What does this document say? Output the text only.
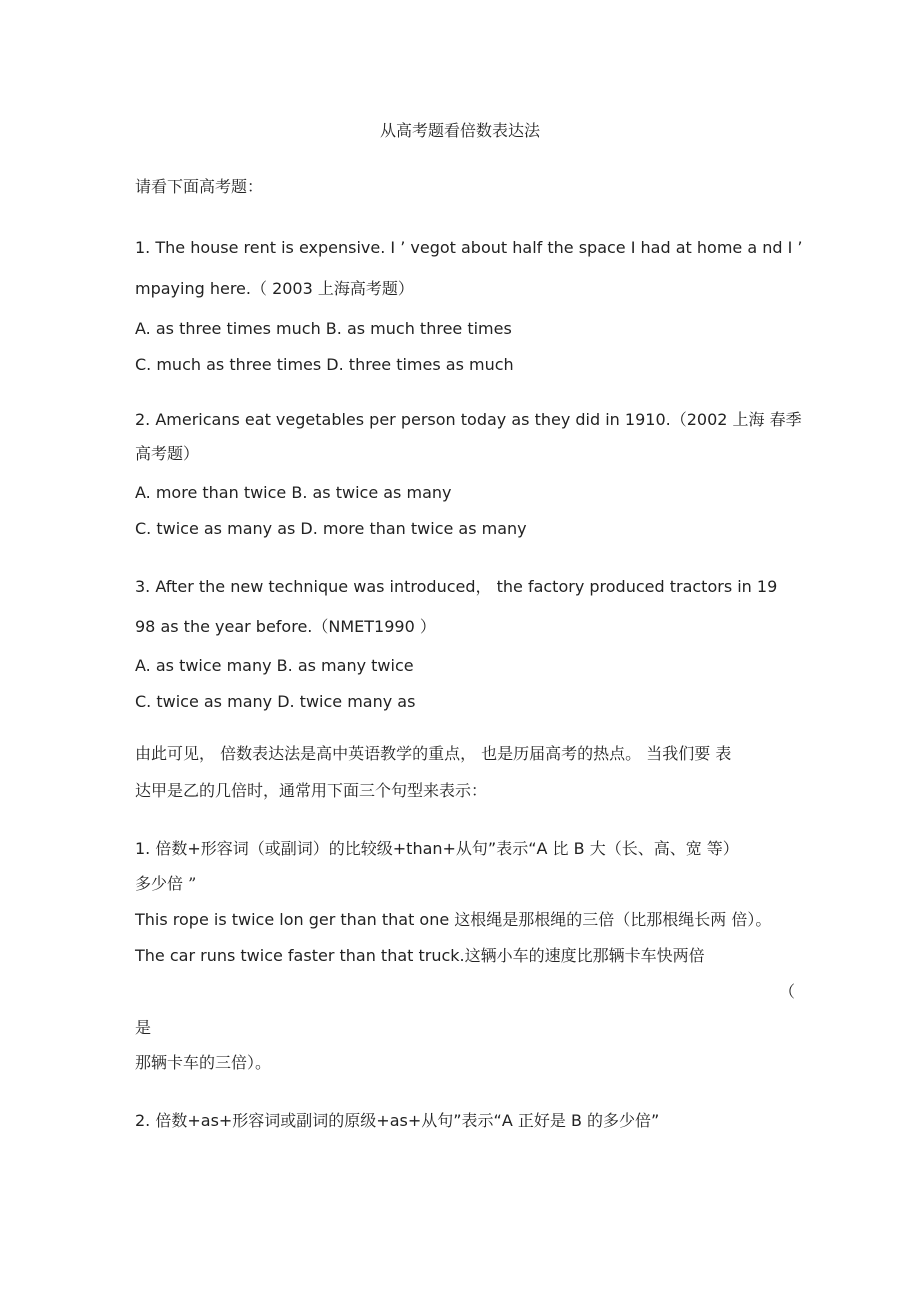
从高考题看倍数表达法
请看下面高考题：
1. The house rent is expensive. I ’ vegot about half the space I had at home a nd I ’
mpaying here.（ 2003 上海高考题）
A. as three times much B. as much three times
C. much as three times D. three times as much
2. Americans eat vegetables per person today as they did in 1910.（2002 上海 春季
高考题）
A. more than twice B. as twice as many
C. twice as many as D. more than twice as many
3. After the new technique was introduced， the factory produced tractors in 19
98 as the year before.（NMET1990 ）
A. as twice many B. as many twice
C. twice as many D. twice many as
由此可见， 倍数表达法是高中英语教学的重点， 也是历届高考的热点。 当我们要 表
达甲是乙的几倍时，通常用下面三个句型来表示：
1. 倍数+形容词（或副词）的比较级+than+从句”表示“A 比 B 大（长、高、宽 等）
多少倍 ”
This rope is twice lon ger than that one 这根绳是那根绳的三倍（比那根绳长两 倍）。
The car runs twice faster than that truck.这辆小车的速度比那辆卡车快两倍
（
是
那辆卡车的三倍）。
2. 倍数+as+形容词或副词的原级+as+从句”表示“A 正好是 B 的多少倍”
